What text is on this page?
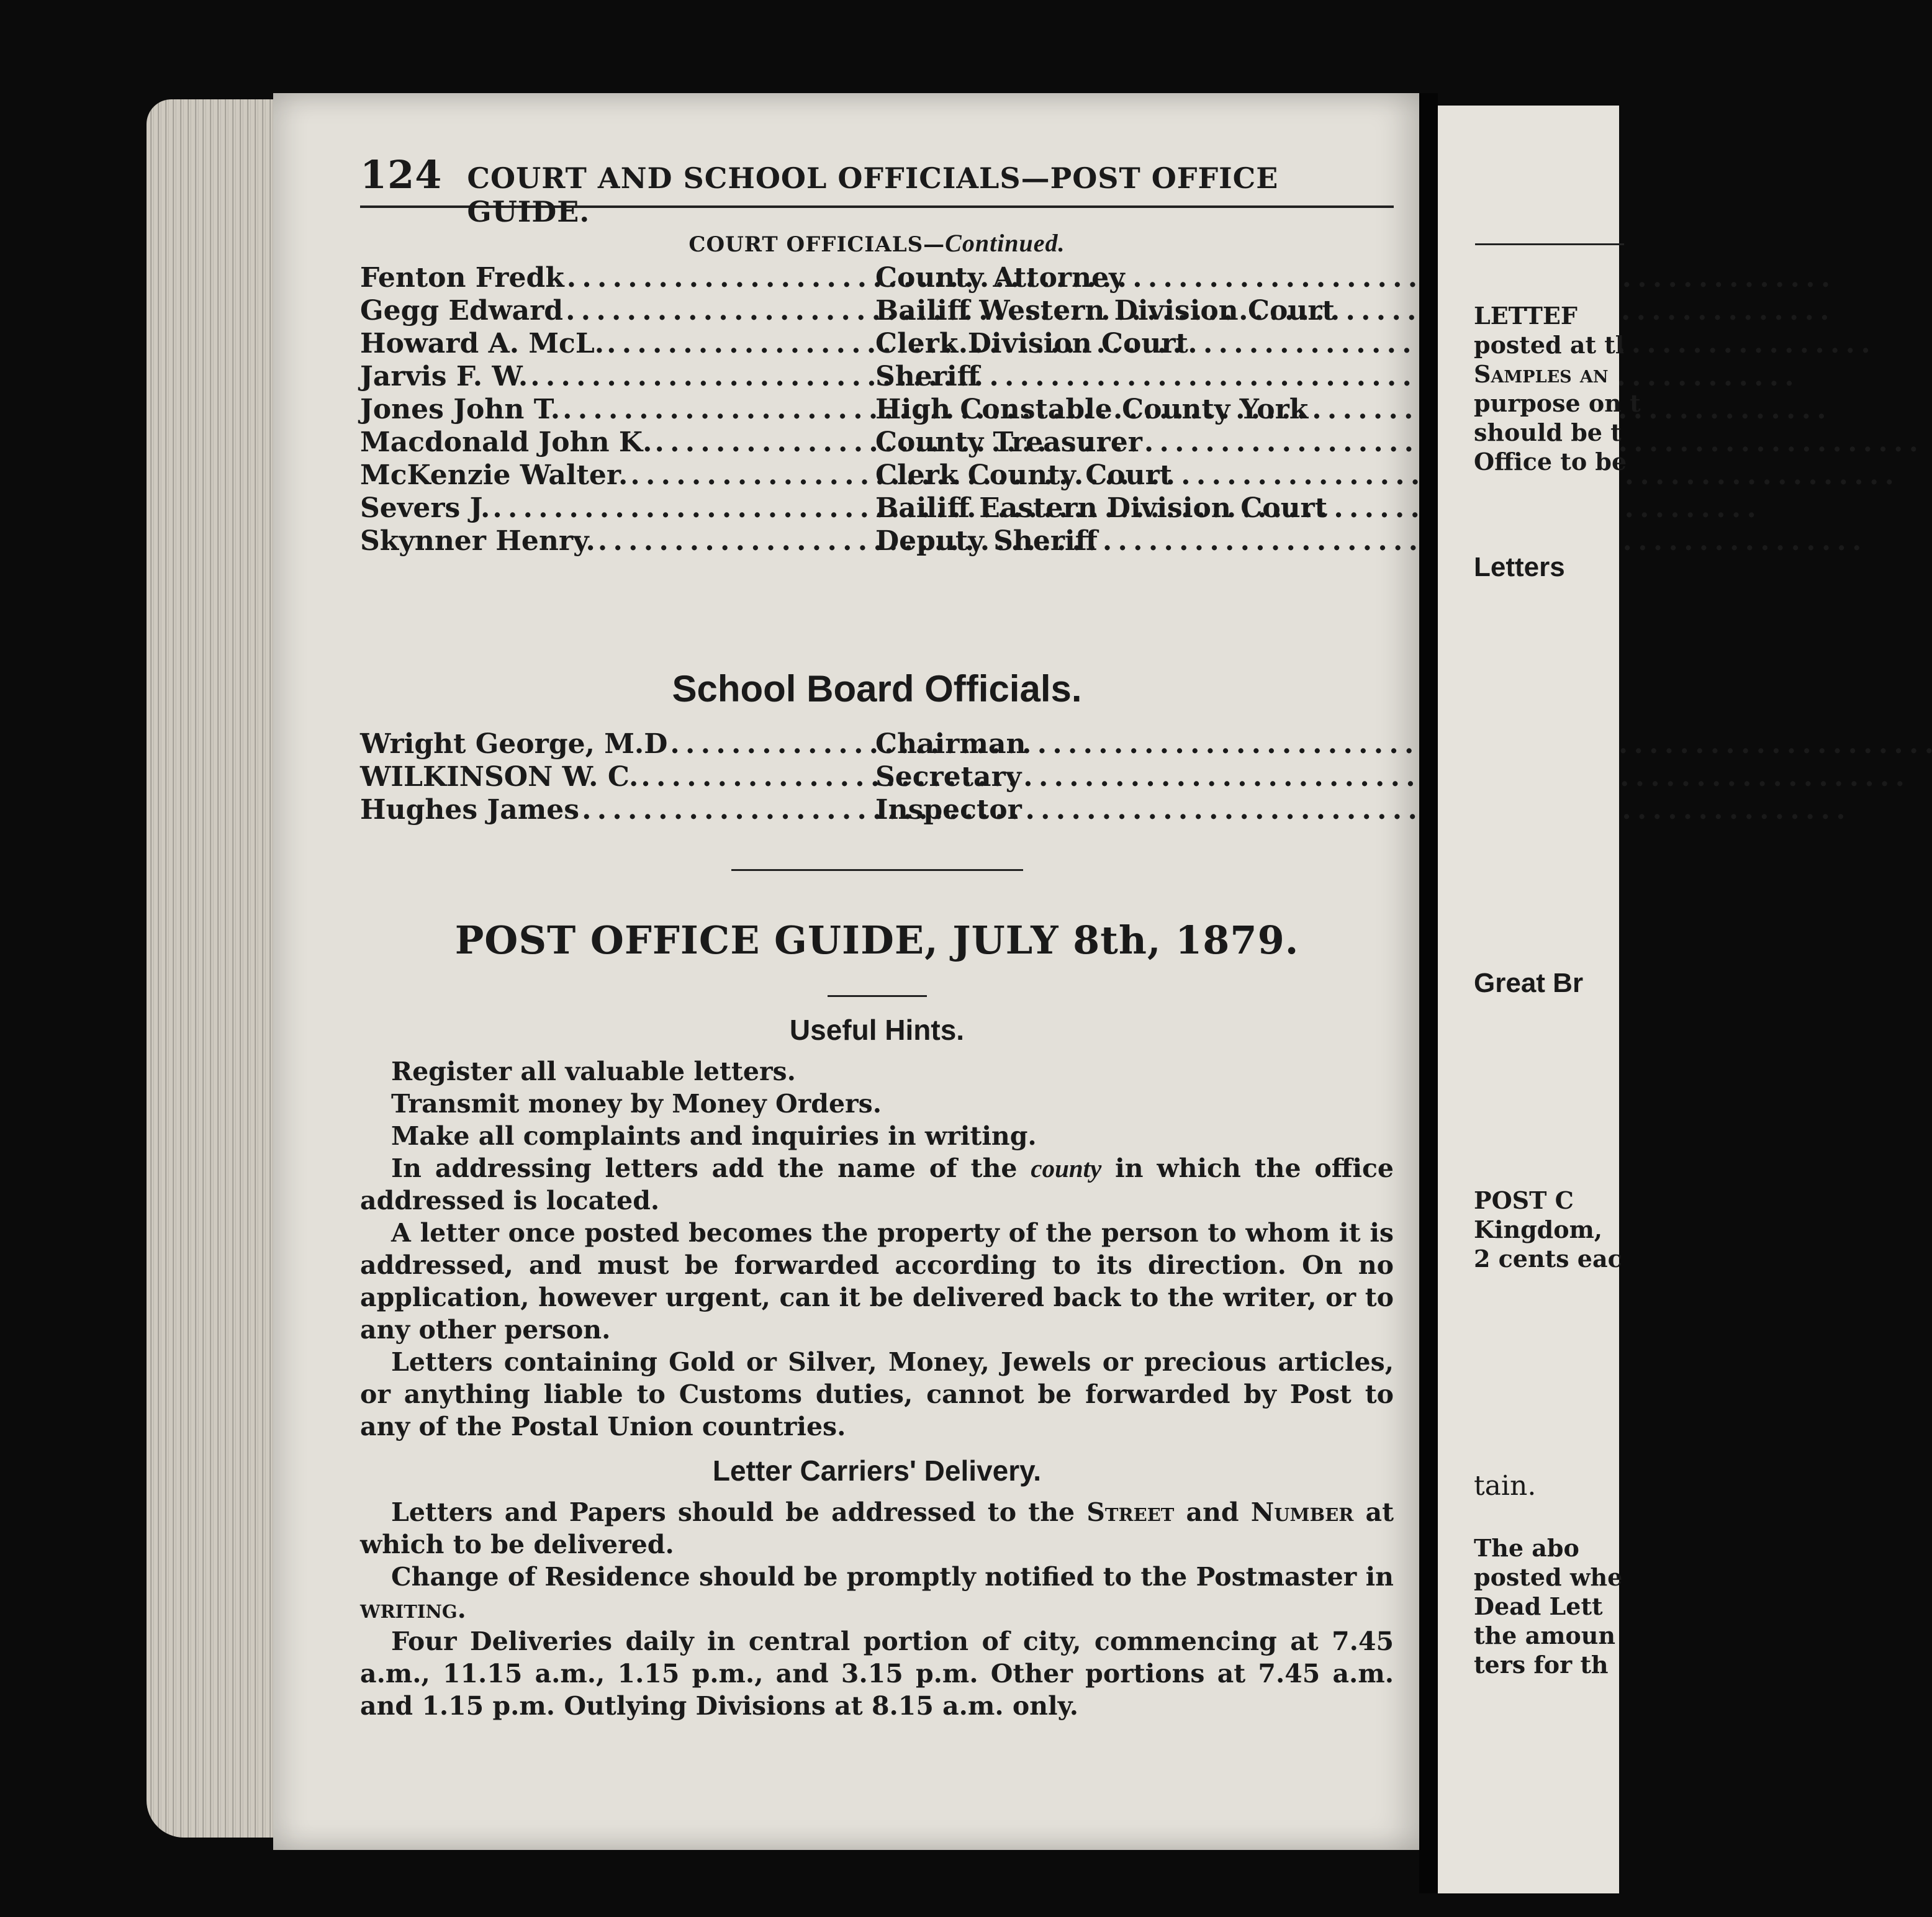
124 COURT AND SCHOOL OFFICIALS—POST OFFICE GUIDE.
COURT OFFICIALS—Continued.
Fenton Fredk . . .	County Attorney
Gegg Edward . . .	Bailiff Western Division Court
Howard A. McL. . . .	Clerk Division Court
Jarvis F. W. . . .	Sheriff
Jones John T. . . .	High Constable County York
Macdonald John K. . . .	County Treasurer
McKenzie Walter. . . .	Clerk County Court
Severs J. . . .	Bailiff Eastern Division Court
Skynner Henry. . . .	Deputy Sheriff
School Board Officials.
Wright George, M.D . . .	Chairman
WILKINSON W. C. . . .	Secretary
Hughes James . . .	Inspector
POST OFFICE GUIDE, JULY 8th, 1879.
Useful Hints.

Register all valuable letters.

Transmit money by Money Orders.

Make all complaints and inquiries in writing.

In addressing letters add the name of the county in which the office addressed is located.

A letter once posted becomes the property of the person to whom it is addressed, and must be forwarded according to its direction. On no application, however urgent, can it be delivered back to the writer, or to any other person.

Letters containing Gold or Silver, Money, Jewels or precious articles, or anything liable to Customs duties, cannot be forwarded by Post to any of the Postal Union countries.

Letter Carriers' Delivery.

Letters and Papers should be addressed to the Street and Number at which to be delivered.

Change of Residence should be promptly notified to the Postmaster in writing.

Four Deliveries daily in central portion of city, commencing at 7.45 a.m., 11.15 a.m., 1.15 p.m., and 3.15 p.m. Other portions at 7.45 a.m. and 1.15 p.m. Outlying Divisions at 8.15 a.m. only.

LETTEF
posted at tl
Samples an
purpose on t
should be t
Office to be
Letters
Great Br
POST C
Kingdom,
2 cents eac
tain.
The abo
posted whe
Dead Lett
the amoun
ters for th
